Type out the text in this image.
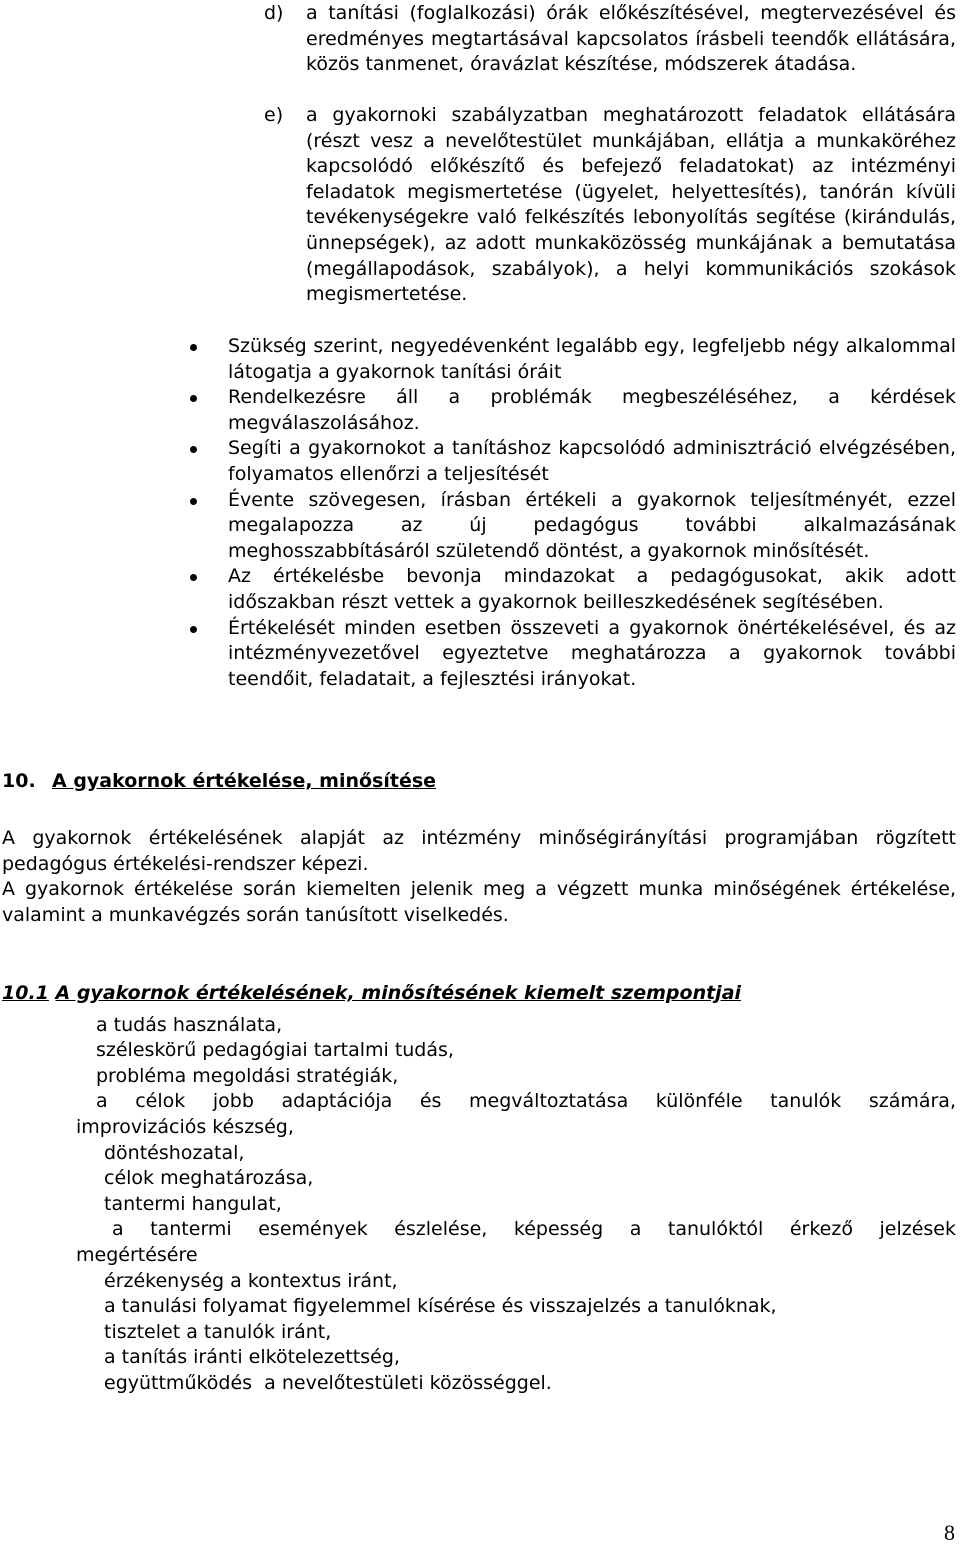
d) a tanítási (foglalkozási) órák előkészítésével, megtervezésével és eredményes megtartásával kapcsolatos írásbeli teendők ellátására, közös tanmenet, óravázlat készítése, módszerek átadása.

e) a gyakornoki szabályzatban meghatározott feladatok ellátására (részt vesz a nevelőtestület munkájában, ellátja a munkaköréhez kapcsolódó előkészítő és befejező feladatokat) az intézményi feladatok megismertetése (ügyelet, helyettesítés), tanórán kívüli tevékenységekre való felkészítés lebonyolítás segítése (kirándulás, ünnepségek), az adott munkaközösség munkájának a bemutatása (megállapodások, szabályok), a helyi kommunikációs szokások megismertetése.

Szükség szerint, negyedévenként legalább egy, legfeljebb négy alkalommal látogatja a gyakornok tanítási óráit

Rendelkezésre áll a problémák megbeszéléséhez, a kérdések megválaszolásához.

Segíti a gyakornokot a tanításhoz kapcsolódó adminisztráció elvégzésében, folyamatos ellenőrzi a teljesítését

Évente szövegesen, írásban értékeli a gyakornok teljesítményét, ezzel megalapozza az új pedagógus további alkalmazásának meghosszabbításáról születendő döntést, a gyakornok minősítését.

Az értékelésbe bevonja mindazokat a pedagógusokat, akik adott időszakban részt vettek a gyakornok beilleszkedésének segítésében.

Értékelését minden esetben összeveti a gyakornok önértékelésével, és az intézményvezetővel egyeztetve meghatározza a gyakornok további teendőit, feladatait, a fejlesztési irányokat.

10. A gyakornok értékelése, minősítése

A gyakornok értékelésének alapját az intézmény minőségirányítási programjában rögzített pedagógus értékelési-rendszer képezi.

A gyakornok értékelése során kiemelten jelenik meg a végzett munka minőségének értékelése, valamint a munkavégzés során tanúsított viselkedés.

10.1 A gyakornok értékelésének, minősítésének kiemelt szempontjai

a tudás használata,

széleskörű pedagógiai tartalmi tudás,

probléma megoldási stratégiák,

a célok jobb adaptációja és megváltoztatása különféle tanulók számára,

improvizációs készség,

döntéshozatal,

célok meghatározása,

tantermi hangulat,

a tantermi események észlelése, képesség a tanulóktól érkező jelzések

megértésére

érzékenység a kontextus iránt,

a tanulási folyamat figyelemmel kísérése és visszajelzés a tanulóknak,

tisztelet a tanulók iránt,

a tanítás iránti elkötelezettség,

együttműködés  a nevelőtestületi közösséggel.

8
